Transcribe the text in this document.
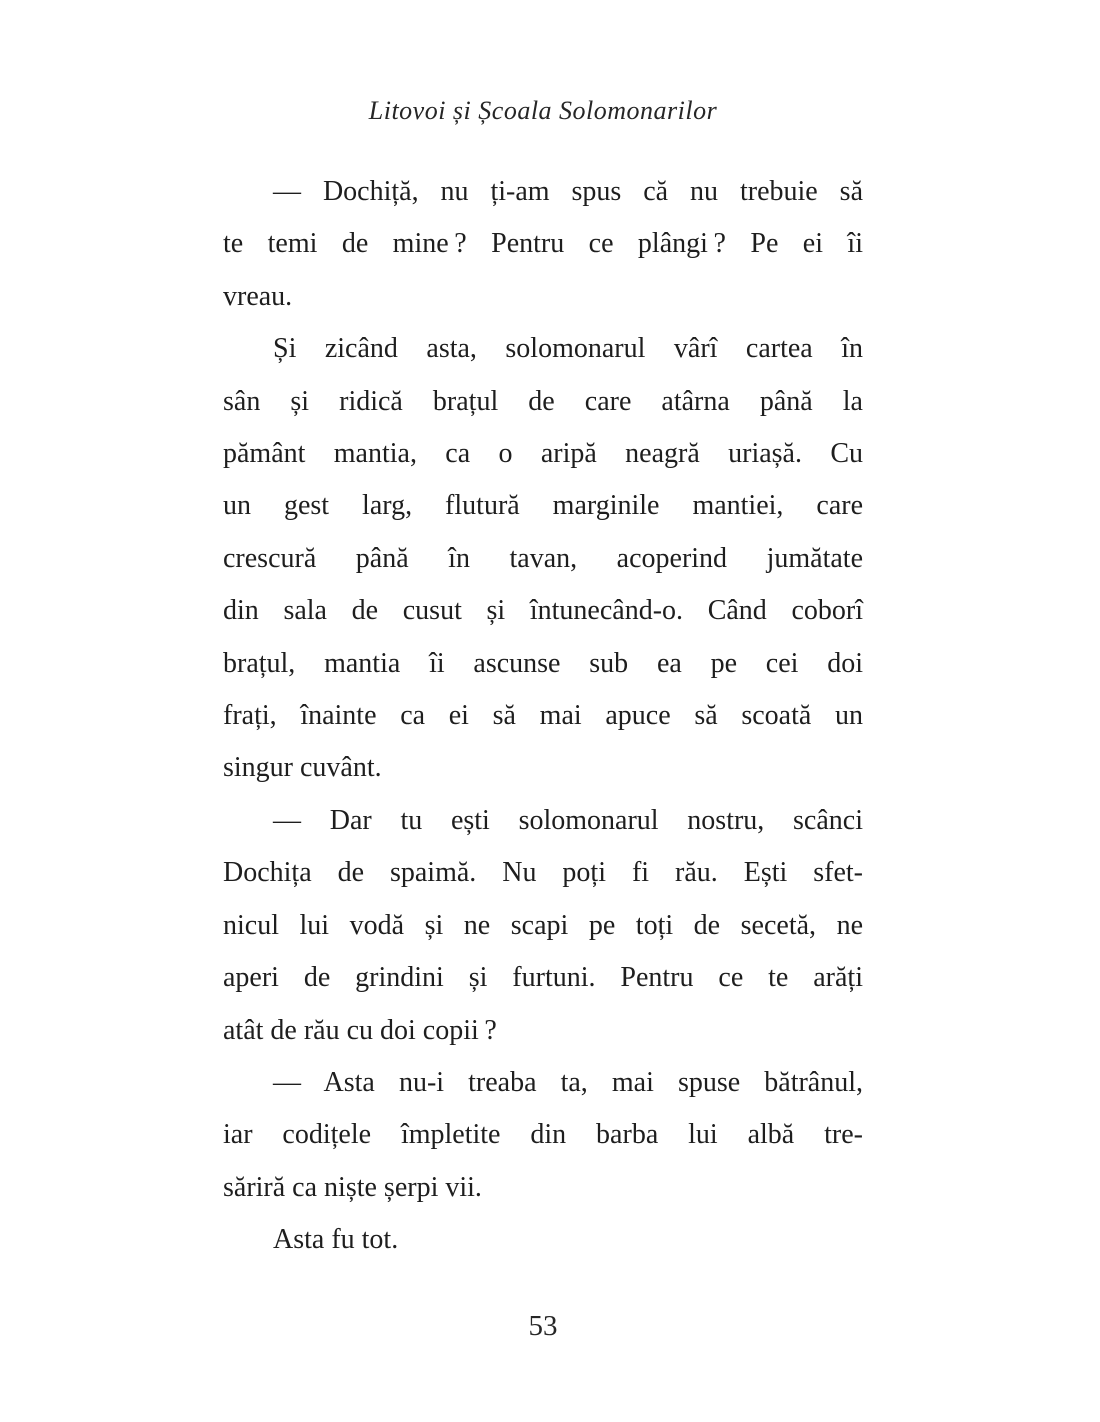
Litovoi și Școala Solomonarilor
— Dochiță, nu ți-am spus că nu trebuie să
te temi de mine ? Pentru ce plângi ? Pe ei îi
vreau.
Și zicând asta, solomonarul vârî cartea în
sân și ridică brațul de care atârna până la
pământ mantia, ca o aripă neagră uriașă. Cu
un gest larg, flutură marginile mantiei, care
crescură până în tavan, acoperind jumătate
din sala de cusut și întunecând-o. Când coborî
brațul, mantia îi ascunse sub ea pe cei doi
frați, înainte ca ei să mai apuce să scoată un
singur cuvânt.
— Dar tu ești solomonarul nostru, scânci
Dochița de spaimă. Nu poți fi rău. Ești sfet-
nicul lui vodă și ne scapi pe toți de secetă, ne
aperi de grindini și furtuni. Pentru ce te arăți
atât de rău cu doi copii ?
— Asta nu-i treaba ta, mai spuse bătrânul,
iar codițele împletite din barba lui albă tre-
săriră ca niște șerpi vii.
Asta fu tot.
53
